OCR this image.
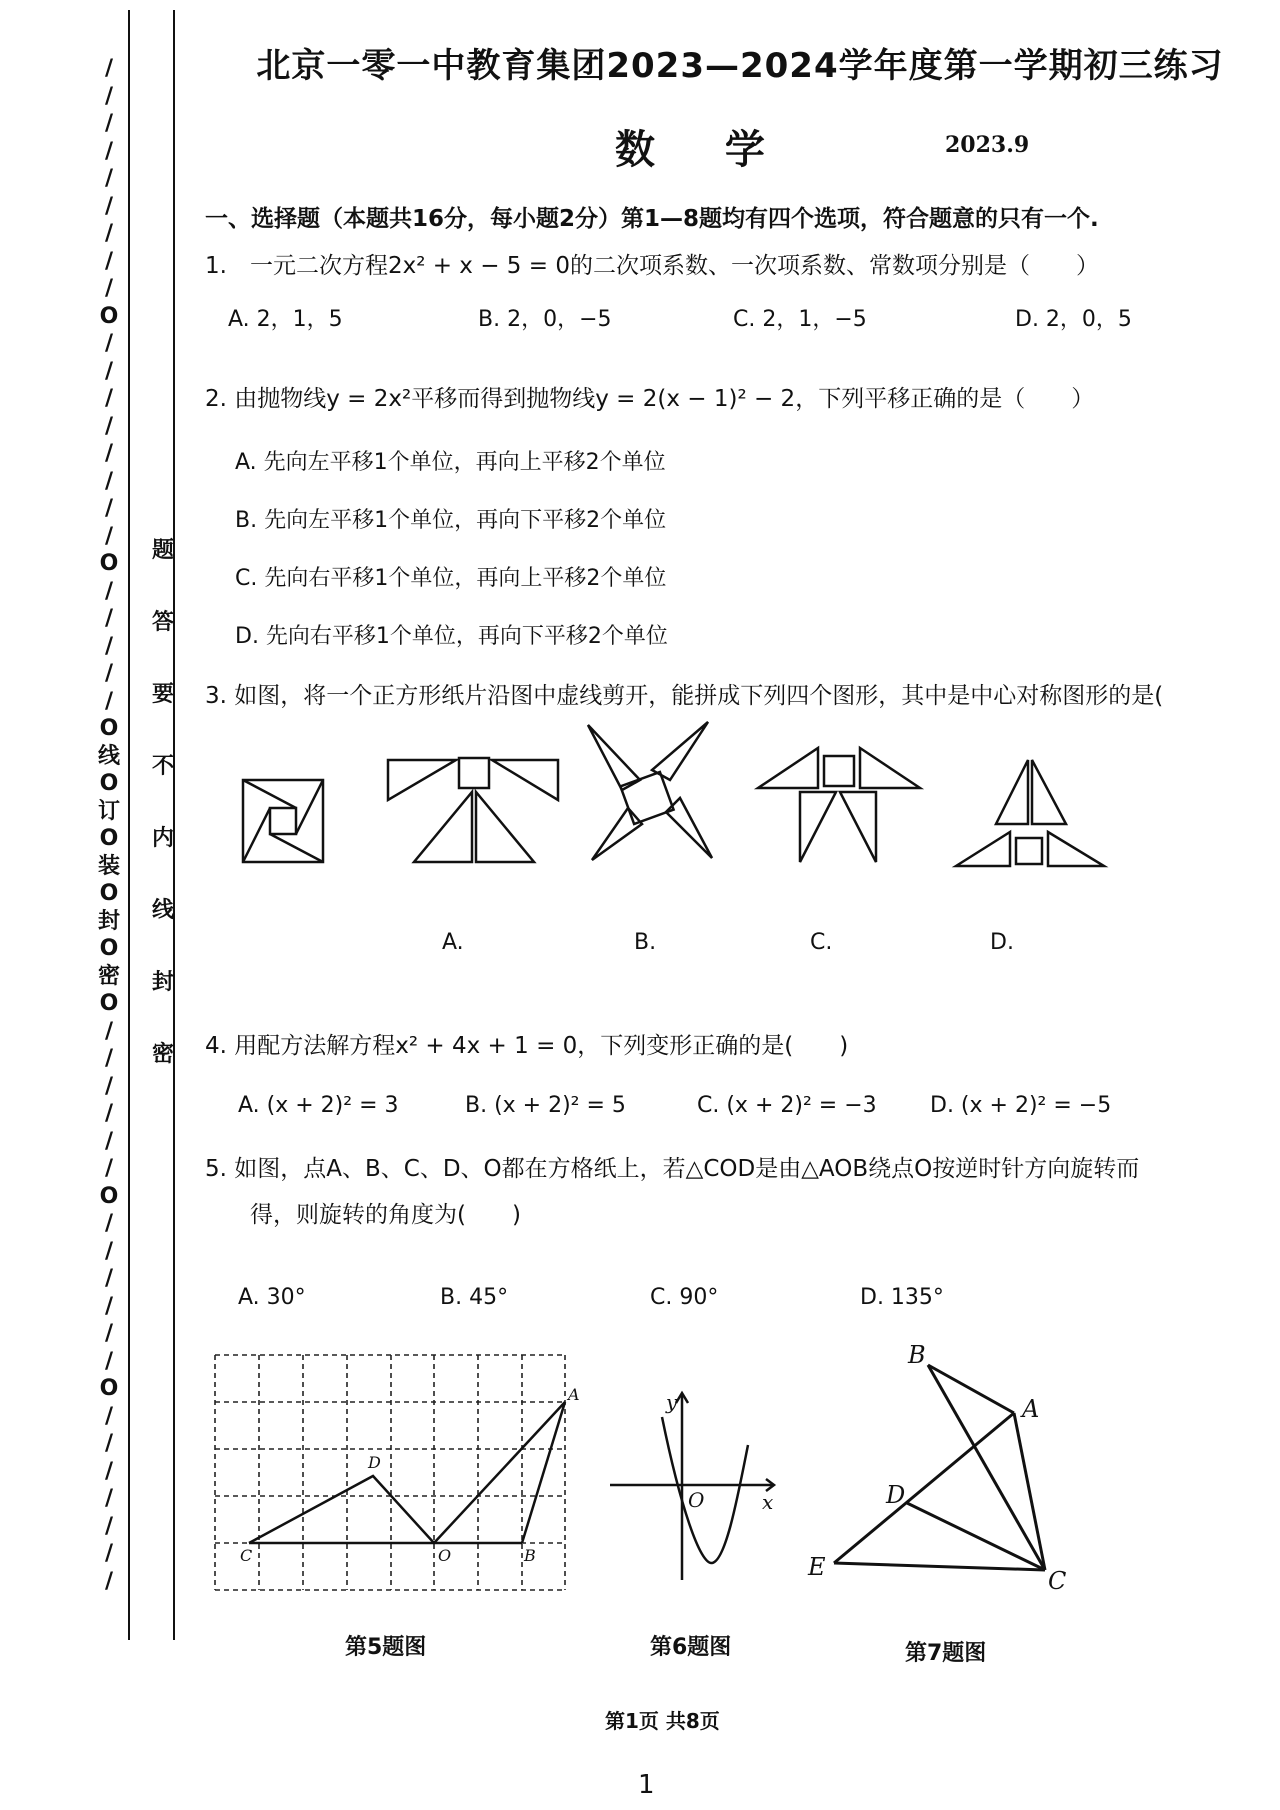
/
/
/
/
/
/
/
/
/
O
/
/
/
/
/
/
/
/
O
/
/
/
/
/
O
线
O
订
O
装
O
封
O
密
O
/
/
/
/
/
/
O
/
/
/
/
/
/
O
/
/
/
/
/
/
/
题
答
要
不
内
线
封
密
北京一零一中教育集团2023—2024学年度第一学期初三练习
数 学	2023.9
一、选择题（本题共16分，每小题2分）第1—8题均有四个选项，符合题意的只有一个.
1.　一元二次方程2x² + x − 5 = 0的二次项系数、一次项系数、常数项分别是（　　）
A. 2，1，5	B. 2，0，−5	C. 2，1，−5	D. 2，0，5
2. 由抛物线y = 2x²平移而得到抛物线y = 2(x − 1)² − 2，下列平移正确的是（　　）
A. 先向左平移1个单位，再向上平移2个单位
B. 先向左平移1个单位，再向下平移2个单位
C. 先向右平移1个单位，再向上平移2个单位
D. 先向右平移1个单位，再向下平移2个单位
3. 如图，将一个正方形纸片沿图中虚线剪开，能拼成下列四个图形，其中是中心对称图形的是(
A.	B.	C.	D.
4. 用配方法解方程x² + 4x + 1 = 0，下列变形正确的是(　　)
A. (x + 2)² = 3	B. (x + 2)² = 5	C. (x + 2)² = −3 D. (x + 2)² = −5
5. 如图，点A、B、C、D、O都在方格纸上，若△COD是由△AOB绕点O按逆时针方向旋转而
得，则旋转的角度为(　　)
A. 30°	B. 45°	C. 90°	D. 135°
D
A
C	O	B
第5题图
y
x
O
第6题图
B
A
D
E	C
第7题图
第1页 共8页
1
